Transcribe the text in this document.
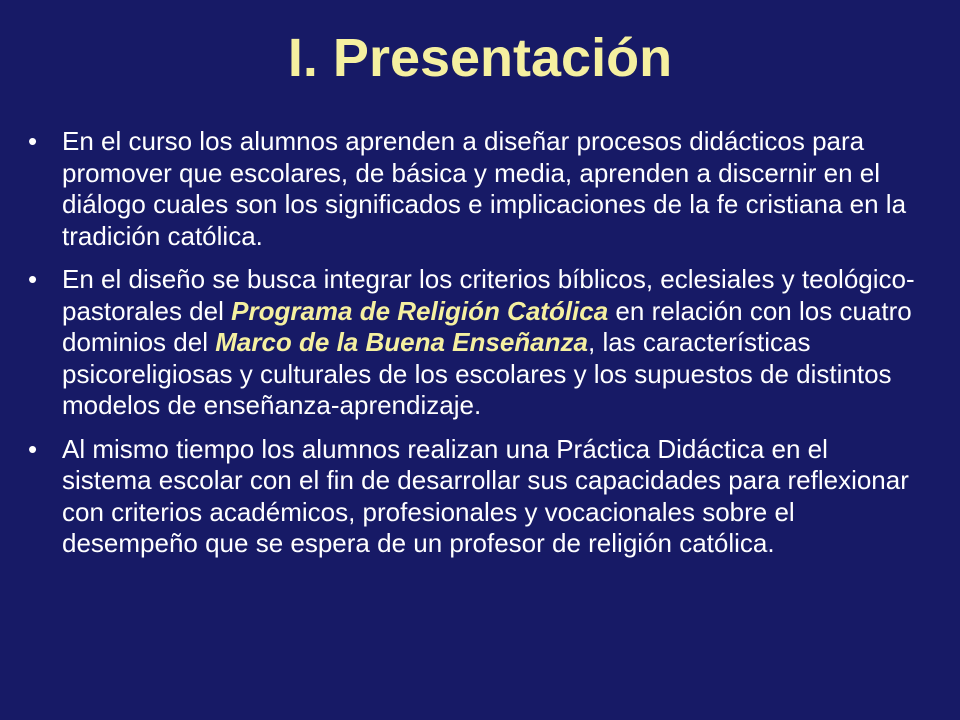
I. Presentación
• En el curso los alumnos aprenden a diseñar procesos didácticos para promover que escolares, de básica y media, aprenden a discernir en el diálogo cuales son los significados e implicaciones de la fe cristiana en la tradición católica.
• En el diseño se busca integrar los criterios bíblicos, eclesiales y teológico-pastorales del Programa de Religión Católica en relación con los cuatro dominios del Marco de la Buena Enseñanza, las características psicoreligiosas y culturales de los escolares y los supuestos de distintos modelos de enseñanza-aprendizaje.
• Al mismo tiempo los alumnos realizan una Práctica Didáctica en el sistema escolar con el fin de desarrollar sus capacidades para reflexionar con criterios académicos, profesionales y vocacionales sobre el desempeño que se espera de un profesor de religión católica.
